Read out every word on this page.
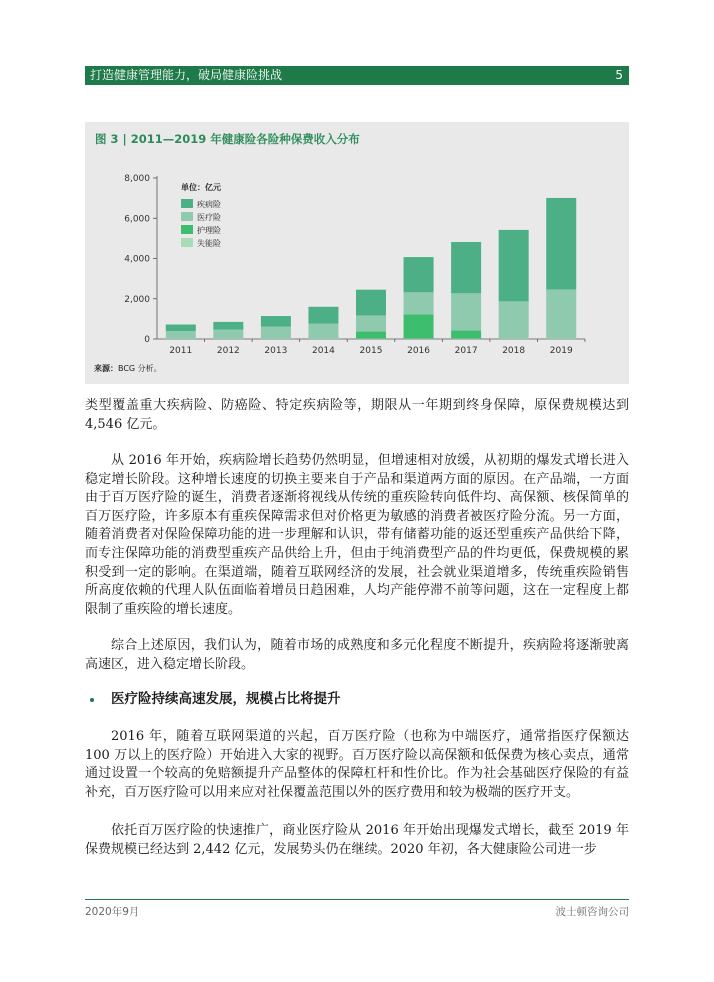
打造健康管理能力，破局健康险挑战	5
图 3 | 2011—2019 年健康险各险种保费收入分布
0
2,000
4,000
6,000
8,000
2011	2012	2013	2014	2015	2016	2017	2018	2019
单位：亿元
疾病险
医疗险
护理险
失能险
来源：BCG 分析。

类型覆盖重大疾病险、防癌险、特定疾病险等，期限从一年期到终身保障，原保费规模达到 4,546 亿元。

从 2016 年开始，疾病险增长趋势仍然明显，但增速相对放缓，从初期的爆发式增长进入稳定增长阶段。这种增长速度的切换主要来自于产品和渠道两方面的原因。在产品端，一方面由于百万医疗险的诞生，消费者逐渐将视线从传统的重疾险转向低件均、高保额、核保简单的百万医疗险，许多原本有重疾保障需求但对价格更为敏感的消费者被医疗险分流。另一方面，随着消费者对保险保障功能的进一步理解和认识，带有储蓄功能的返还型重疾产品供给下降，而专注保障功能的消费型重疾产品供给上升，但由于纯消费型产品的件均更低，保费规模的累积受到一定的影响。在渠道端，随着互联网经济的发展，社会就业渠道增多，传统重疾险销售所高度依赖的代理人队伍面临着增员日趋困难，人均产能停滞不前等问题，这在一定程度上都限制了重疾险的增长速度。

综合上述原因，我们认为，随着市场的成熟度和多元化程度不断提升，疾病险将逐渐驶离高速区，进入稳定增长阶段。

医疗险持续高速发展，规模占比将提升

2016 年，随着互联网渠道的兴起，百万医疗险（也称为中端医疗，通常指医疗保额达 100 万以上的医疗险）开始进入大家的视野。百万医疗险以高保额和低保费为核心卖点，通常通过设置一个较高的免赔额提升产品整体的保障杠杆和性价比。作为社会基础医疗保险的有益补充，百万医疗险可以用来应对社保覆盖范围以外的医疗费用和较为极端的医疗开支。

依托百万医疗险的快速推广，商业医疗险从 2016 年开始出现爆发式增长，截至 2019 年保费规模已经达到 2,442 亿元，发展势头仍在继续。2020 年初，各大健康险公司进一步

2020年9月	波士顿咨询公司
